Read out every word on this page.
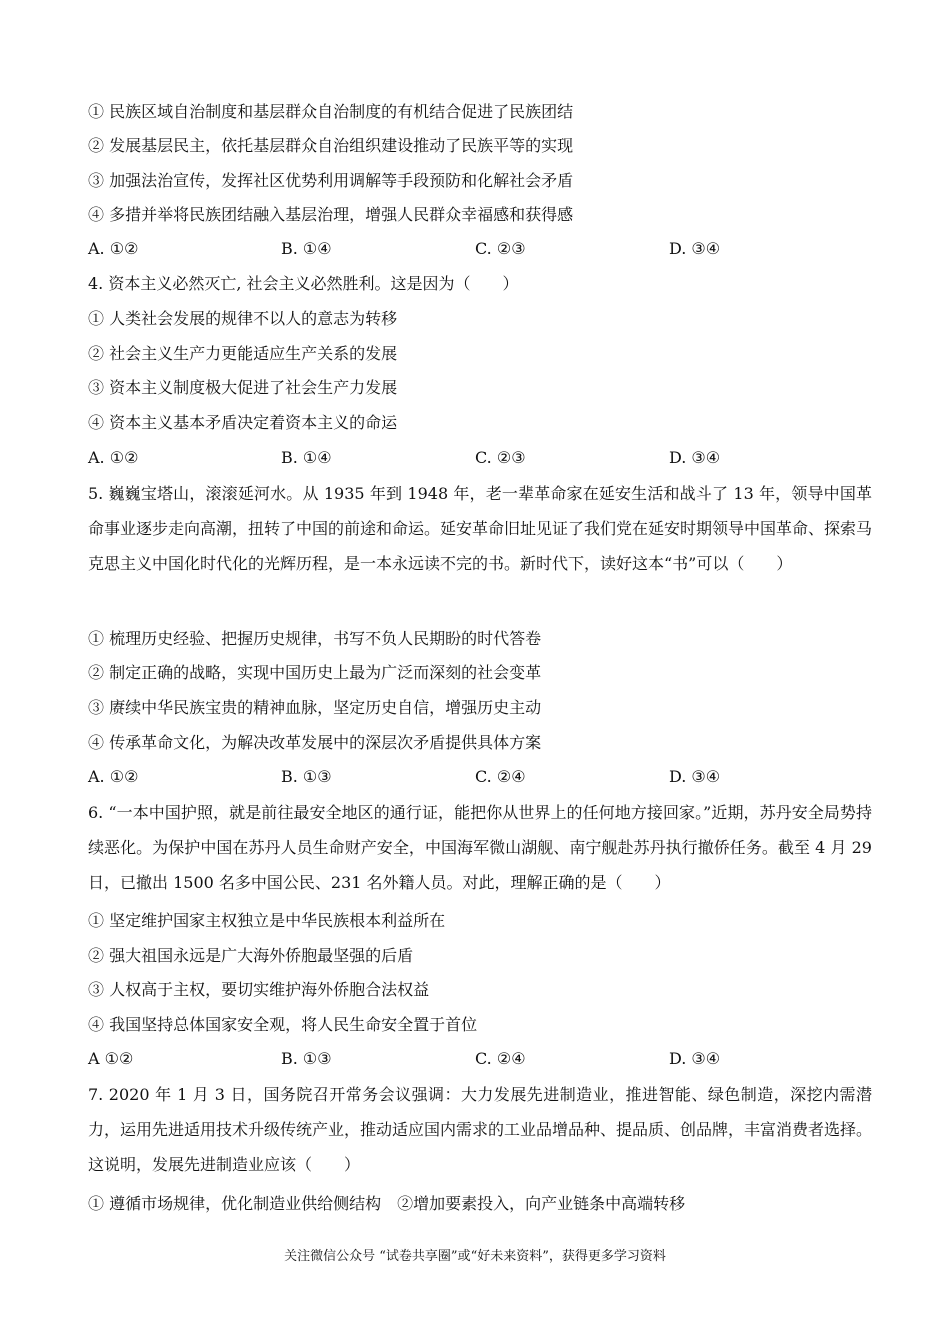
① 民族区域自治制度和基层群众自治制度的有机结合促进了民族团结
② 发展基层民主，依托基层群众自治组织建设推动了民族平等的实现
③ 加强法治宣传，发挥社区优势利用调解等手段预防和化解社会矛盾
④ 多措并举将民族团结融入基层治理，增强人民群众幸福感和获得感
A. ①②	B. ①④	C. ②③	D. ③④
4. 资本主义必然灭亡, 社会主义必然胜利。这是因为（　　）
① 人类社会发展的规律不以人的意志为转移
② 社会主义生产力更能适应生产关系的发展
③ 资本主义制度极大促进了社会生产力发展
④ 资本主义基本矛盾决定着资本主义的命运
A. ①②	B. ①④	C. ②③	D. ③④
5. 巍巍宝塔山，滚滚延河水。从 1935 年到 1948 年，老一辈革命家在延安生活和战斗了 13 年，领导中国革命事业逐步走向高潮，扭转了中国的前途和命运。延安革命旧址见证了我们党在延安时期领导中国革命、探索马克思主义中国化时代化的光辉历程，是一本永远读不完的书。新时代下，读好这本“书”可以（　　）
① 梳理历史经验、把握历史规律，书写不负人民期盼的时代答卷
② 制定正确的战略，实现中国历史上最为广泛而深刻的社会变革
③ 赓续中华民族宝贵的精神血脉，坚定历史自信，增强历史主动
④ 传承革命文化，为解决改革发展中的深层次矛盾提供具体方案
A. ①②	B. ①③	C. ②④	D. ③④
6. “一本中国护照，就是前往最安全地区的通行证，能把你从世界上的任何地方接回家。”近期，苏丹安全局势持续恶化。为保护中国在苏丹人员生命财产安全，中国海军微山湖舰、南宁舰赴苏丹执行撤侨任务。截至 4 月 29 日，已撤出 1500 名多中国公民、231 名外籍人员。对此，理解正确的是（　　）
① 坚定维护国家主权独立是中华民族根本利益所在
② 强大祖国永远是广大海外侨胞最坚强的后盾
③ 人权高于主权，要切实维护海外侨胞合法权益
④ 我国坚持总体国家安全观，将人民生命安全置于首位
A ①②	B. ①③	C. ②④	D. ③④
7. 2020 年 1 月 3 日，国务院召开常务会议强调：大力发展先进制造业，推进智能、绿色制造，深挖内需潜力，运用先进适用技术升级传统产业，推动适应国内需求的工业品增品种、提品质、创品牌，丰富消费者选择。这说明，发展先进制造业应该（　　）
① 遵循市场规律，优化制造业供给侧结构　②增加要素投入，向产业链条中高端转移
关注微信公众号 “试卷共享圈”或“好未来资料”，获得更多学习资料
